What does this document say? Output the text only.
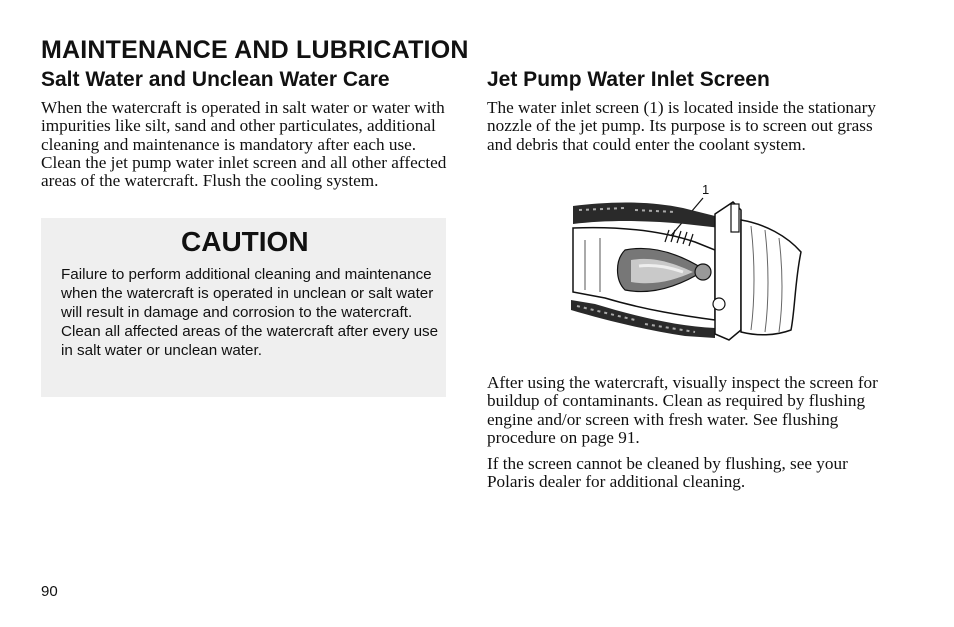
MAINTENANCE AND LUBRICATION
Salt Water and Unclean Water Care

When the watercraft is operated in salt water or water with impurities like silt, sand and other particulates, additional cleaning and maintenance is mandatory after each use. Clean the jet pump water inlet screen and all other affected areas of the watercraft. Flush the cooling system.

CAUTION

Failure to perform additional cleaning and maintenance when the watercraft is operated in unclean or salt water will result in damage and corrosion to the watercraft. Clean all affected areas of the watercraft after every use in salt water or unclean water.

Jet Pump Water Inlet Screen

The water inlet screen (1) is located inside the stationary nozzle of the jet pump. Its purpose is to screen out grass and debris that could enter the coolant system.

1

After using the watercraft, visually inspect the screen for buildup of contaminants. Clean as required by flushing engine and/or screen with fresh water. See flushing procedure on page 91.

If the screen cannot be cleaned by flushing, see your Polaris dealer for additional cleaning.

90
